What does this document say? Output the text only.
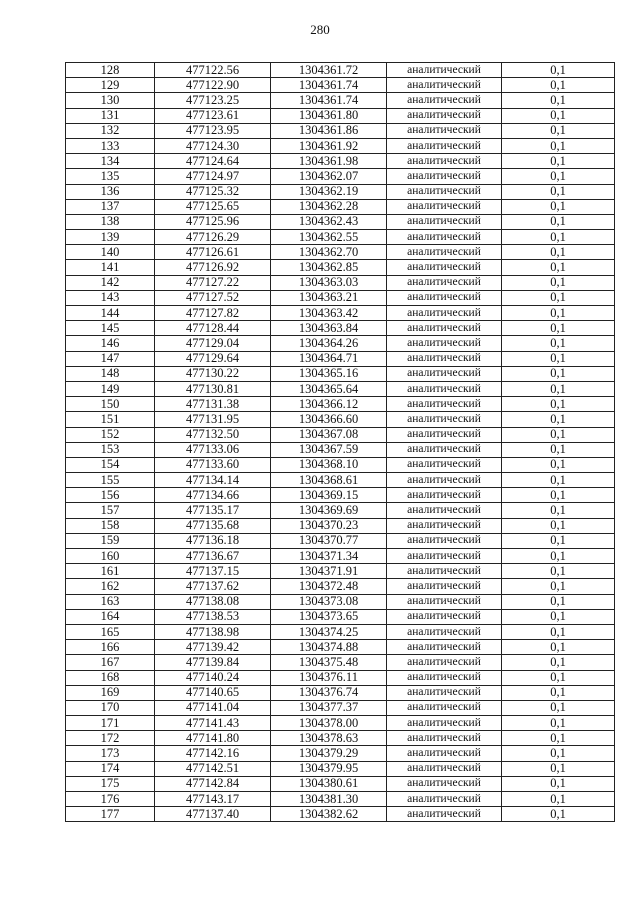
280
128	477122.56	1304361.72	аналитический	0,1
129	477122.90	1304361.74	аналитический	0,1
130	477123.25	1304361.74	аналитический	0,1
131	477123.61	1304361.80	аналитический	0,1
132	477123.95	1304361.86	аналитический	0,1
133	477124.30	1304361.92	аналитический	0,1
134	477124.64	1304361.98	аналитический	0,1
135	477124.97	1304362.07	аналитический	0,1
136	477125.32	1304362.19	аналитический	0,1
137	477125.65	1304362.28	аналитический	0,1
138	477125.96	1304362.43	аналитический	0,1
139	477126.29	1304362.55	аналитический	0,1
140	477126.61	1304362.70	аналитический	0,1
141	477126.92	1304362.85	аналитический	0,1
142	477127.22	1304363.03	аналитический	0,1
143	477127.52	1304363.21	аналитический	0,1
144	477127.82	1304363.42	аналитический	0,1
145	477128.44	1304363.84	аналитический	0,1
146	477129.04	1304364.26	аналитический	0,1
147	477129.64	1304364.71	аналитический	0,1
148	477130.22	1304365.16	аналитический	0,1
149	477130.81	1304365.64	аналитический	0,1
150	477131.38	1304366.12	аналитический	0,1
151	477131.95	1304366.60	аналитический	0,1
152	477132.50	1304367.08	аналитический	0,1
153	477133.06	1304367.59	аналитический	0,1
154	477133.60	1304368.10	аналитический	0,1
155	477134.14	1304368.61	аналитический	0,1
156	477134.66	1304369.15	аналитический	0,1
157	477135.17	1304369.69	аналитический	0,1
158	477135.68	1304370.23	аналитический	0,1
159	477136.18	1304370.77	аналитический	0,1
160	477136.67	1304371.34	аналитический	0,1
161	477137.15	1304371.91	аналитический	0,1
162	477137.62	1304372.48	аналитический	0,1
163	477138.08	1304373.08	аналитический	0,1
164	477138.53	1304373.65	аналитический	0,1
165	477138.98	1304374.25	аналитический	0,1
166	477139.42	1304374.88	аналитический	0,1
167	477139.84	1304375.48	аналитический	0,1
168	477140.24	1304376.11	аналитический	0,1
169	477140.65	1304376.74	аналитический	0,1
170	477141.04	1304377.37	аналитический	0,1
171	477141.43	1304378.00	аналитический	0,1
172	477141.80	1304378.63	аналитический	0,1
173	477142.16	1304379.29	аналитический	0,1
174	477142.51	1304379.95	аналитический	0,1
175	477142.84	1304380.61	аналитический	0,1
176	477143.17	1304381.30	аналитический	0,1
177	477137.40	1304382.62	аналитический	0,1
